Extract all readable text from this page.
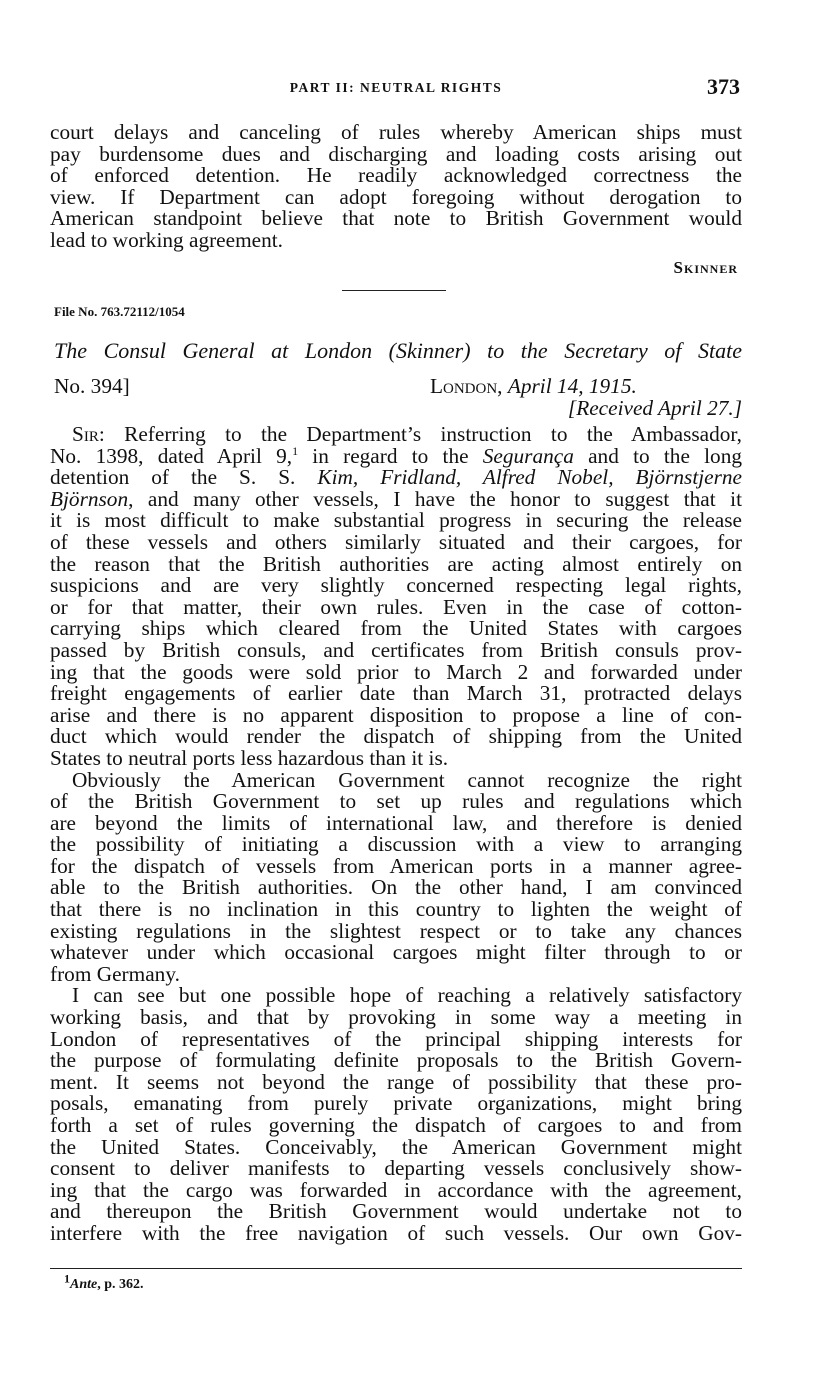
PART II: NEUTRAL RIGHTS	373
court delays and canceling of rules whereby American ships must
pay burdensome dues and discharging and loading costs arising out
of enforced detention. He readily acknowledged correctness the
view. If Department can adopt foregoing without derogation to
American standpoint believe that note to British Government would
lead to working agreement.
Skinner
File No. 763.72112/1054
The Consul General at London (Skinner) to the Secretary of State
No. 394]	London, April 14, 1915.
[Received April 27.]
Sir: Referring to the Department’s instruction to the Ambassador,
No. 1398, dated April 9,$^1$ in regard to the Segurança and to the long
detention of the S. S. Kim, Fridland, Alfred Nobel, Björnstjerne
Björnson, and many other vessels, I have the honor to suggest that it
it is most difficult to make substantial progress in securing the release
of these vessels and others similarly situated and their cargoes, for
the reason that the British authorities are acting almost entirely on
suspicions and are very slightly concerned respecting legal rights,
or for that matter, their own rules. Even in the case of cotton-
carrying ships which cleared from the United States with cargoes
passed by British consuls, and certificates from British consuls prov-
ing that the goods were sold prior to March 2 and forwarded under
freight engagements of earlier date than March 31, protracted delays
arise and there is no apparent disposition to propose a line of con-
duct which would render the dispatch of shipping from the United
States to neutral ports less hazardous than it is.
Obviously the American Government cannot recognize the right
of the British Government to set up rules and regulations which
are beyond the limits of international law, and therefore is denied
the possibility of initiating a discussion with a view to arranging
for the dispatch of vessels from American ports in a manner agree-
able to the British authorities. On the other hand, I am convinced
that there is no inclination in this country to lighten the weight of
existing regulations in the slightest respect or to take any chances
whatever under which occasional cargoes might filter through to or
from Germany.
I can see but one possible hope of reaching a relatively satisfactory
working basis, and that by provoking in some way a meeting in
London of representatives of the principal shipping interests for
the purpose of formulating definite proposals to the British Govern-
ment. It seems not beyond the range of possibility that these pro-
posals, emanating from purely private organizations, might bring
forth a set of rules governing the dispatch of cargoes to and from
the United States. Conceivably, the American Government might
consent to deliver manifests to departing vessels conclusively show-
ing that the cargo was forwarded in accordance with the agreement,
and thereupon the British Government would undertake not to
interfere with the free navigation of such vessels. Our own Gov-
$^1$Ante, p. 362.
